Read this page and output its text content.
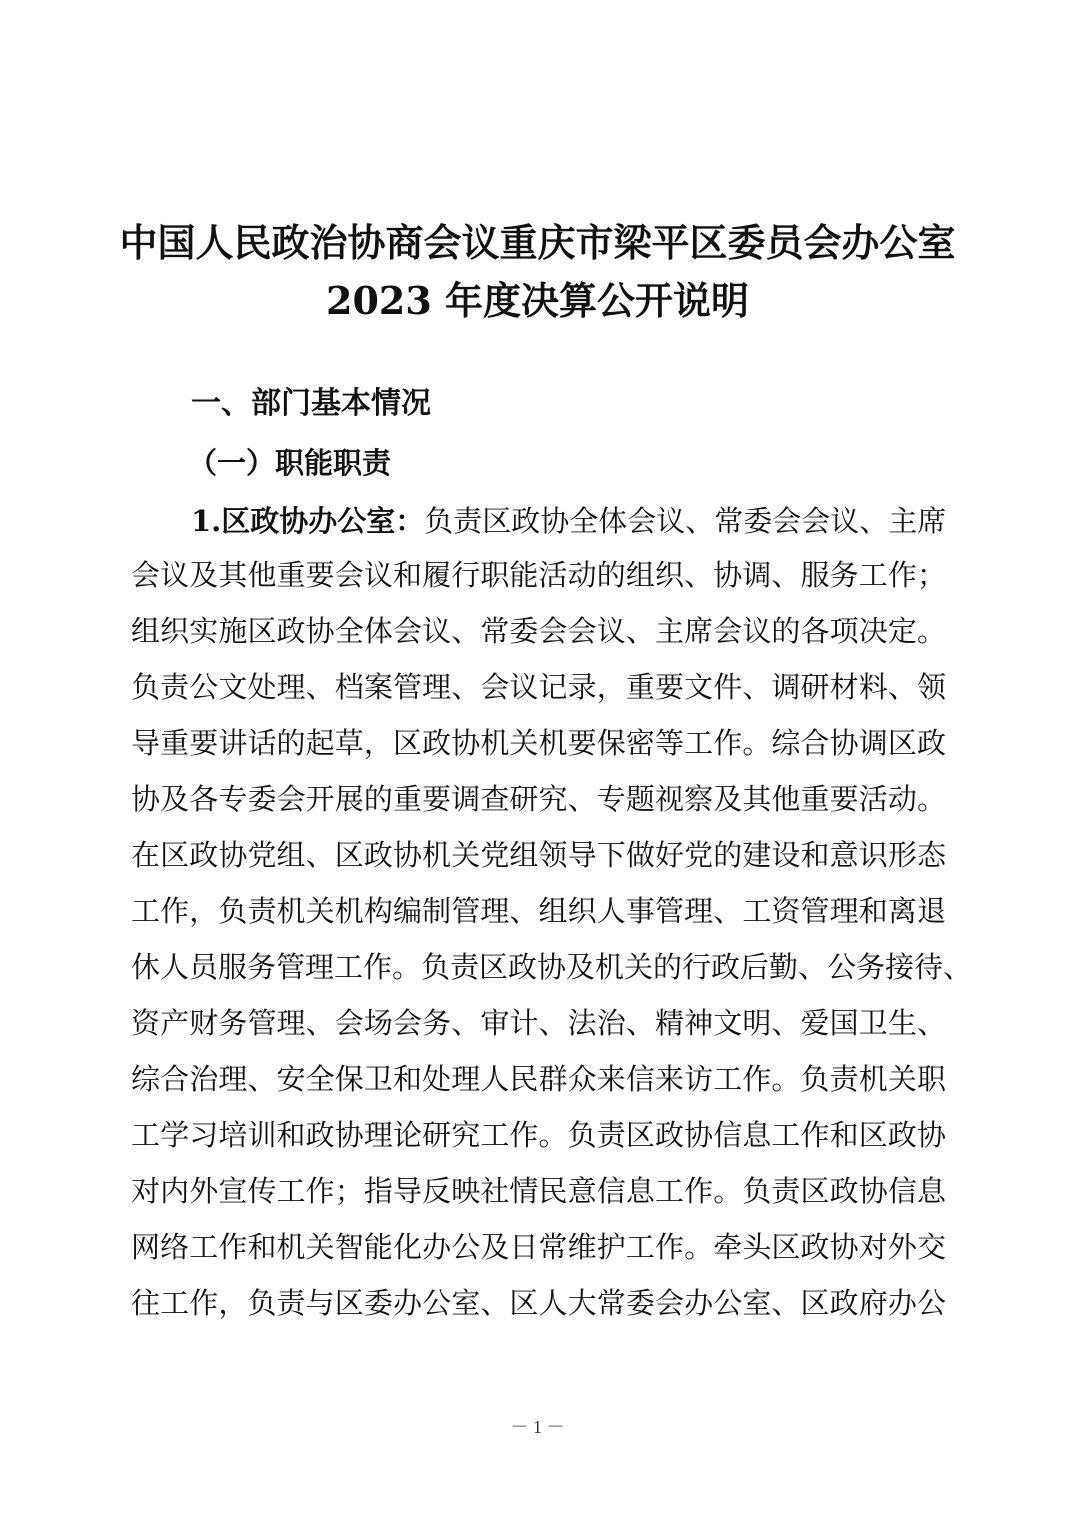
中国人民政治协商会议重庆市梁平区委员会办公室
2023 年度决算公开说明
一、部门基本情况
（一）职能职责
1.区政协办公室：负责区政协全体会议、常委会会议、主席
会议及其他重要会议和履行职能活动的组织、协调、服务工作；
组织实施区政协全体会议、常委会会议、主席会议的各项决定。
负责公文处理、档案管理、会议记录，重要文件、调研材料、领
导重要讲话的起草，区政协机关机要保密等工作。综合协调区政
协及各专委会开展的重要调查研究、专题视察及其他重要活动。
在区政协党组、区政协机关党组领导下做好党的建设和意识形态
工作，负责机关机构编制管理、组织人事管理、工资管理和离退
休人员服务管理工作。负责区政协及机关的行政后勤、公务接待、
资产财务管理、会场会务、审计、法治、精神文明、爱国卫生、
综合治理、安全保卫和处理人民群众来信来访工作。负责机关职
工学习培训和政协理论研究工作。负责区政协信息工作和区政协
对内外宣传工作；指导反映社情民意信息工作。负责区政协信息
网络工作和机关智能化办公及日常维护工作。牵头区政协对外交
往工作，负责与区委办公室、区人大常委会办公室、区政府办公
－ 1 －
